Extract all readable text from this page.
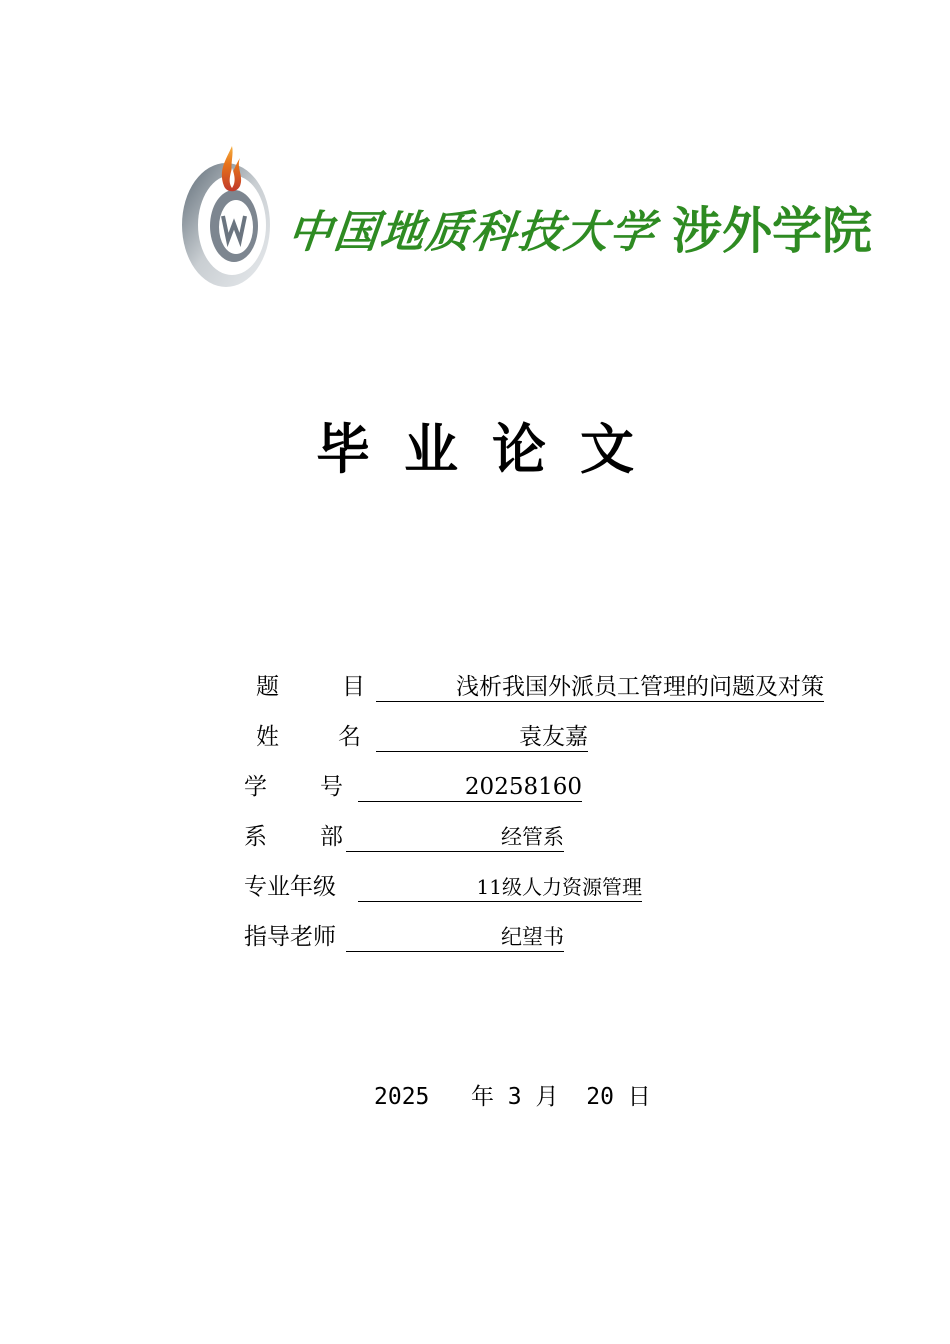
中国地质科技大学 涉外学院
毕业论文
题	目	浅析我国外派员工管理的问题及对策
姓	名	袁友嘉
学 号	20258160
系 部	经管系
专业年级	11级人力资源管理
指导老师	纪望书
2025 年 3 月 20 日
